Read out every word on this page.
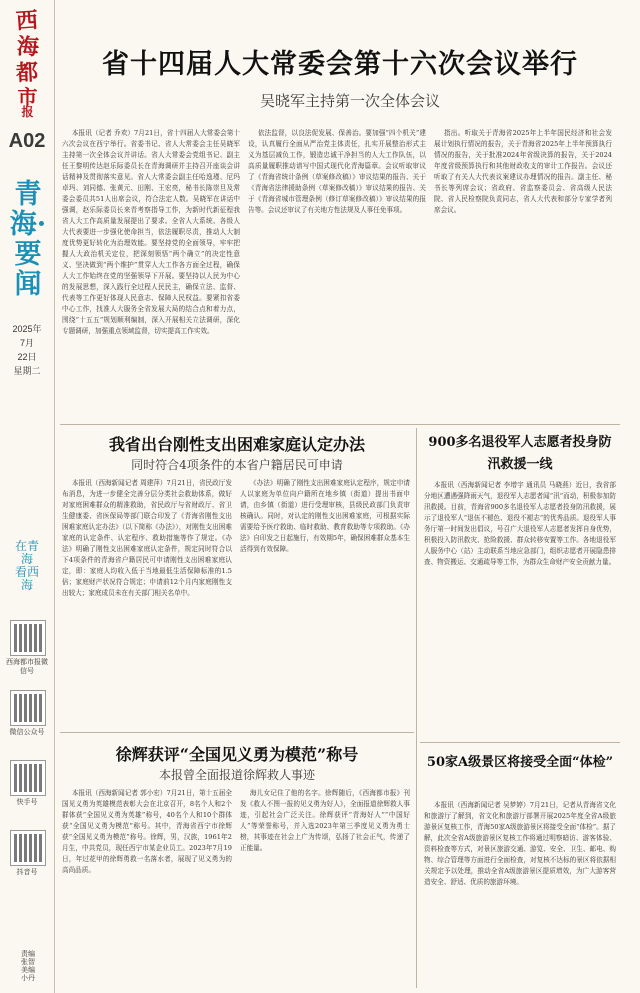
西
海
都
市
报
A02
青海·要闻
2025年
7月
22日
星期二
在青海 看西海
西海都市报微信号
微信公众号
快手号
抖音号
责编 张智 美编 小丹
省十四届人大常委会第十六次会议举行
吴晓军主持第一次全体会议

本报讯（记者 乔欢）7月21日，省十四届人大常委会第十六次会议在西宁举行。省委书记、省人大常委会主任吴晓军主持第一次全体会议并讲话。省人大常委会党组书记、副主任王黎明传达赵乐际委员长在青海调研并主持召开座谈会讲话精神及贯彻落实意见。省人大常委会副主任哈逸瑾、尼玛卓玛、刘同德、张黄元、田刚、王宏亮，秘书长陈崇旦及常委会委员共51人出席会议，符合法定人数。吴晓军在讲话中强调，赵乐际委员长来青考察指导工作，为新时代新征程我省人大工作高质量发展提出了要求。全省人大系统、各级人大代表要进一步强化使命担当，依法履职尽责，推动人大制度优势更好转化为治理效能。要坚持党的全面领导，牢牢把握人大政治机关定位，把深刻领悟“两个确立”的决定性意义、坚决做到“两个维护”贯穿人大工作各方面全过程，确保人大工作始终在党的坚强领导下开展。要坚持以人民为中心的发展思想，深入践行全过程人民民主，确保立法、监督、代表等工作更好体现人民意志、保障人民权益。要紧扣省委中心工作，找准人大服务全省发展大局的结合点和着力点，围绕“十五五”规划顺利编制，深入开展相关立法调研，深化专题调研，加强重点领域监督，切实提高工作实效。

依法监督，以良法促发展、保善治。要加强“四个机关”建设，认真履行全面从严治党主体责任，扎实开展整治形式主义为基层减负工作，锻造忠诚干净担当的人大工作队伍，以高质量履职推动谱写中国式现代化青海篇章。会议听取审议了《青海省统计条例（草案修改稿）》审议结果的报告、关于《青海省法律援助条例（草案修改稿）》审议结果的报告、关于《青海省城市管理条例（修订草案修改稿）》审议结果的报告等。会议还审议了有关地方性法规及人事任免事项。

指出。听取关于青海省2025年上半年国民经济和社会发展计划执行情况的报告，关于青海省2025年上半年预算执行情况的报告，关于批准2024年省级决算的报告，关于2024年度省级预算执行和其他财政收支的审计工作报告。会议还听取了有关人大代表议案建议办理情况的报告。副主任、秘书长等列席会议；省政府、省监察委员会、省高级人民法院、省人民检察院负责同志，省人大代表和部分专家学者列席会议。

我省出台刚性支出困难家庭认定办法
同时符合4项条件的本省户籍居民可申请

本报讯（西海新闻记者 周建萍）7月21日，省民政厅发布消息，为进一步健全完善分层分类社会救助体系，做好对家庭困难群众的精准救助，省民政厅与省财政厅、省卫生健康委、省医保局等部门联合印发了《青海省刚性支出困难家庭认定办法》（以下简称《办法》），对刚性支出困难家庭的认定条件、认定程序、救助措施等作了规定。《办法》明确了刚性支出困难家庭认定条件，规定同时符合以下4项条件的青海省户籍居民可申请刚性支出困难家庭认定，即：家庭人均收入低于当地最低生活保障标准的1.5倍；家庭财产状况符合规定；申请前12个月内家庭刚性支出较大；家庭成员未在有关部门相关名单中。

《办法》明确了刚性支出困难家庭认定程序，规定申请人以家庭为单位向户籍所在地乡镇（街道）提出书面申请，由乡镇（街道）进行受理审核，县级民政部门负责审核确认。同时，对认定的刚性支出困难家庭，可根据实际需要给予医疗救助、临时救助、教育救助等专项救助。《办法》自印发之日起施行，有效期5年，确保困难群众基本生活得到有效保障。

徐辉获评“全国见义勇为模范”称号
本报曾全面报道徐辉救人事迹

本报讯（西海新闻记者 郭小宏）7月21日，第十五届全国见义勇为英雄模范表彰大会在北京召开，8名个人和2个群体获“全国见义勇为英雄”称号，40名个人和10个群体获“全国见义勇为模范”称号。其中，青海省西宁市徐辉获“全国见义勇为模范”称号。徐辉，男，汉族，1961年2月生，中共党员，现任西宁市某企业员工。2023年7月19日，年过花甲的徐辉勇救一名落水者，展现了见义勇为的高尚品质。

海儿女记住了他的名字。徐辉随后，《西海都市报》刊发《救人不图一报的见义勇为好人》，全面报道徐辉救人事迹，引起社会广泛关注。徐辉获评“青海好人”“中国好人”等荣誉称号，并入选2023年第三季度见义勇为勇士榜，其事迹在社会上广为传颂，弘扬了社会正气，传递了正能量。

900多名退役军人志愿者投身防汛救援一线

本报讯（西海新闻记者 李增宇 通讯员 马晓燕）近日，我省部分地区遭遇强降雨天气，退役军人志愿者闻“汛”而动，积极参加防汛救援。目前，青海省900多名退役军人志愿者投身防汛救援，展示了退役军人“退伍不褪色、退役不褪志”的优秀品质。退役军人事务厅第一时间发出倡议，号召广大退役军人志愿者发挥自身优势，积极投入防汛救灾、抢险救援、群众转移安置等工作。各地退役军人服务中心（站）主动联系当地应急部门，组织志愿者开展隐患排查、物资搬运、交通疏导等工作，为群众生命财产安全贡献力量。

50家A级景区将接受全面“体检”

本报讯（西海新闻记者 吴梦婷）7月21日，记者从青海省文化和旅游厅了解到，省文化和旅游厅部署开展2025年度全省A级旅游景区复核工作，青海50家A级旅游景区将接受全面“体检”。据了解，此次全省A级旅游景区复核工作将通过明察暗访、游客体验、资料检查等方式，对景区旅游交通、游览、安全、卫生、邮电、购物、综合管理等方面进行全面检查，对复核不达标的景区将依据相关规定予以处理，推动全省A级旅游景区提质增效，为广大游客营造安全、舒适、优质的旅游环境。
